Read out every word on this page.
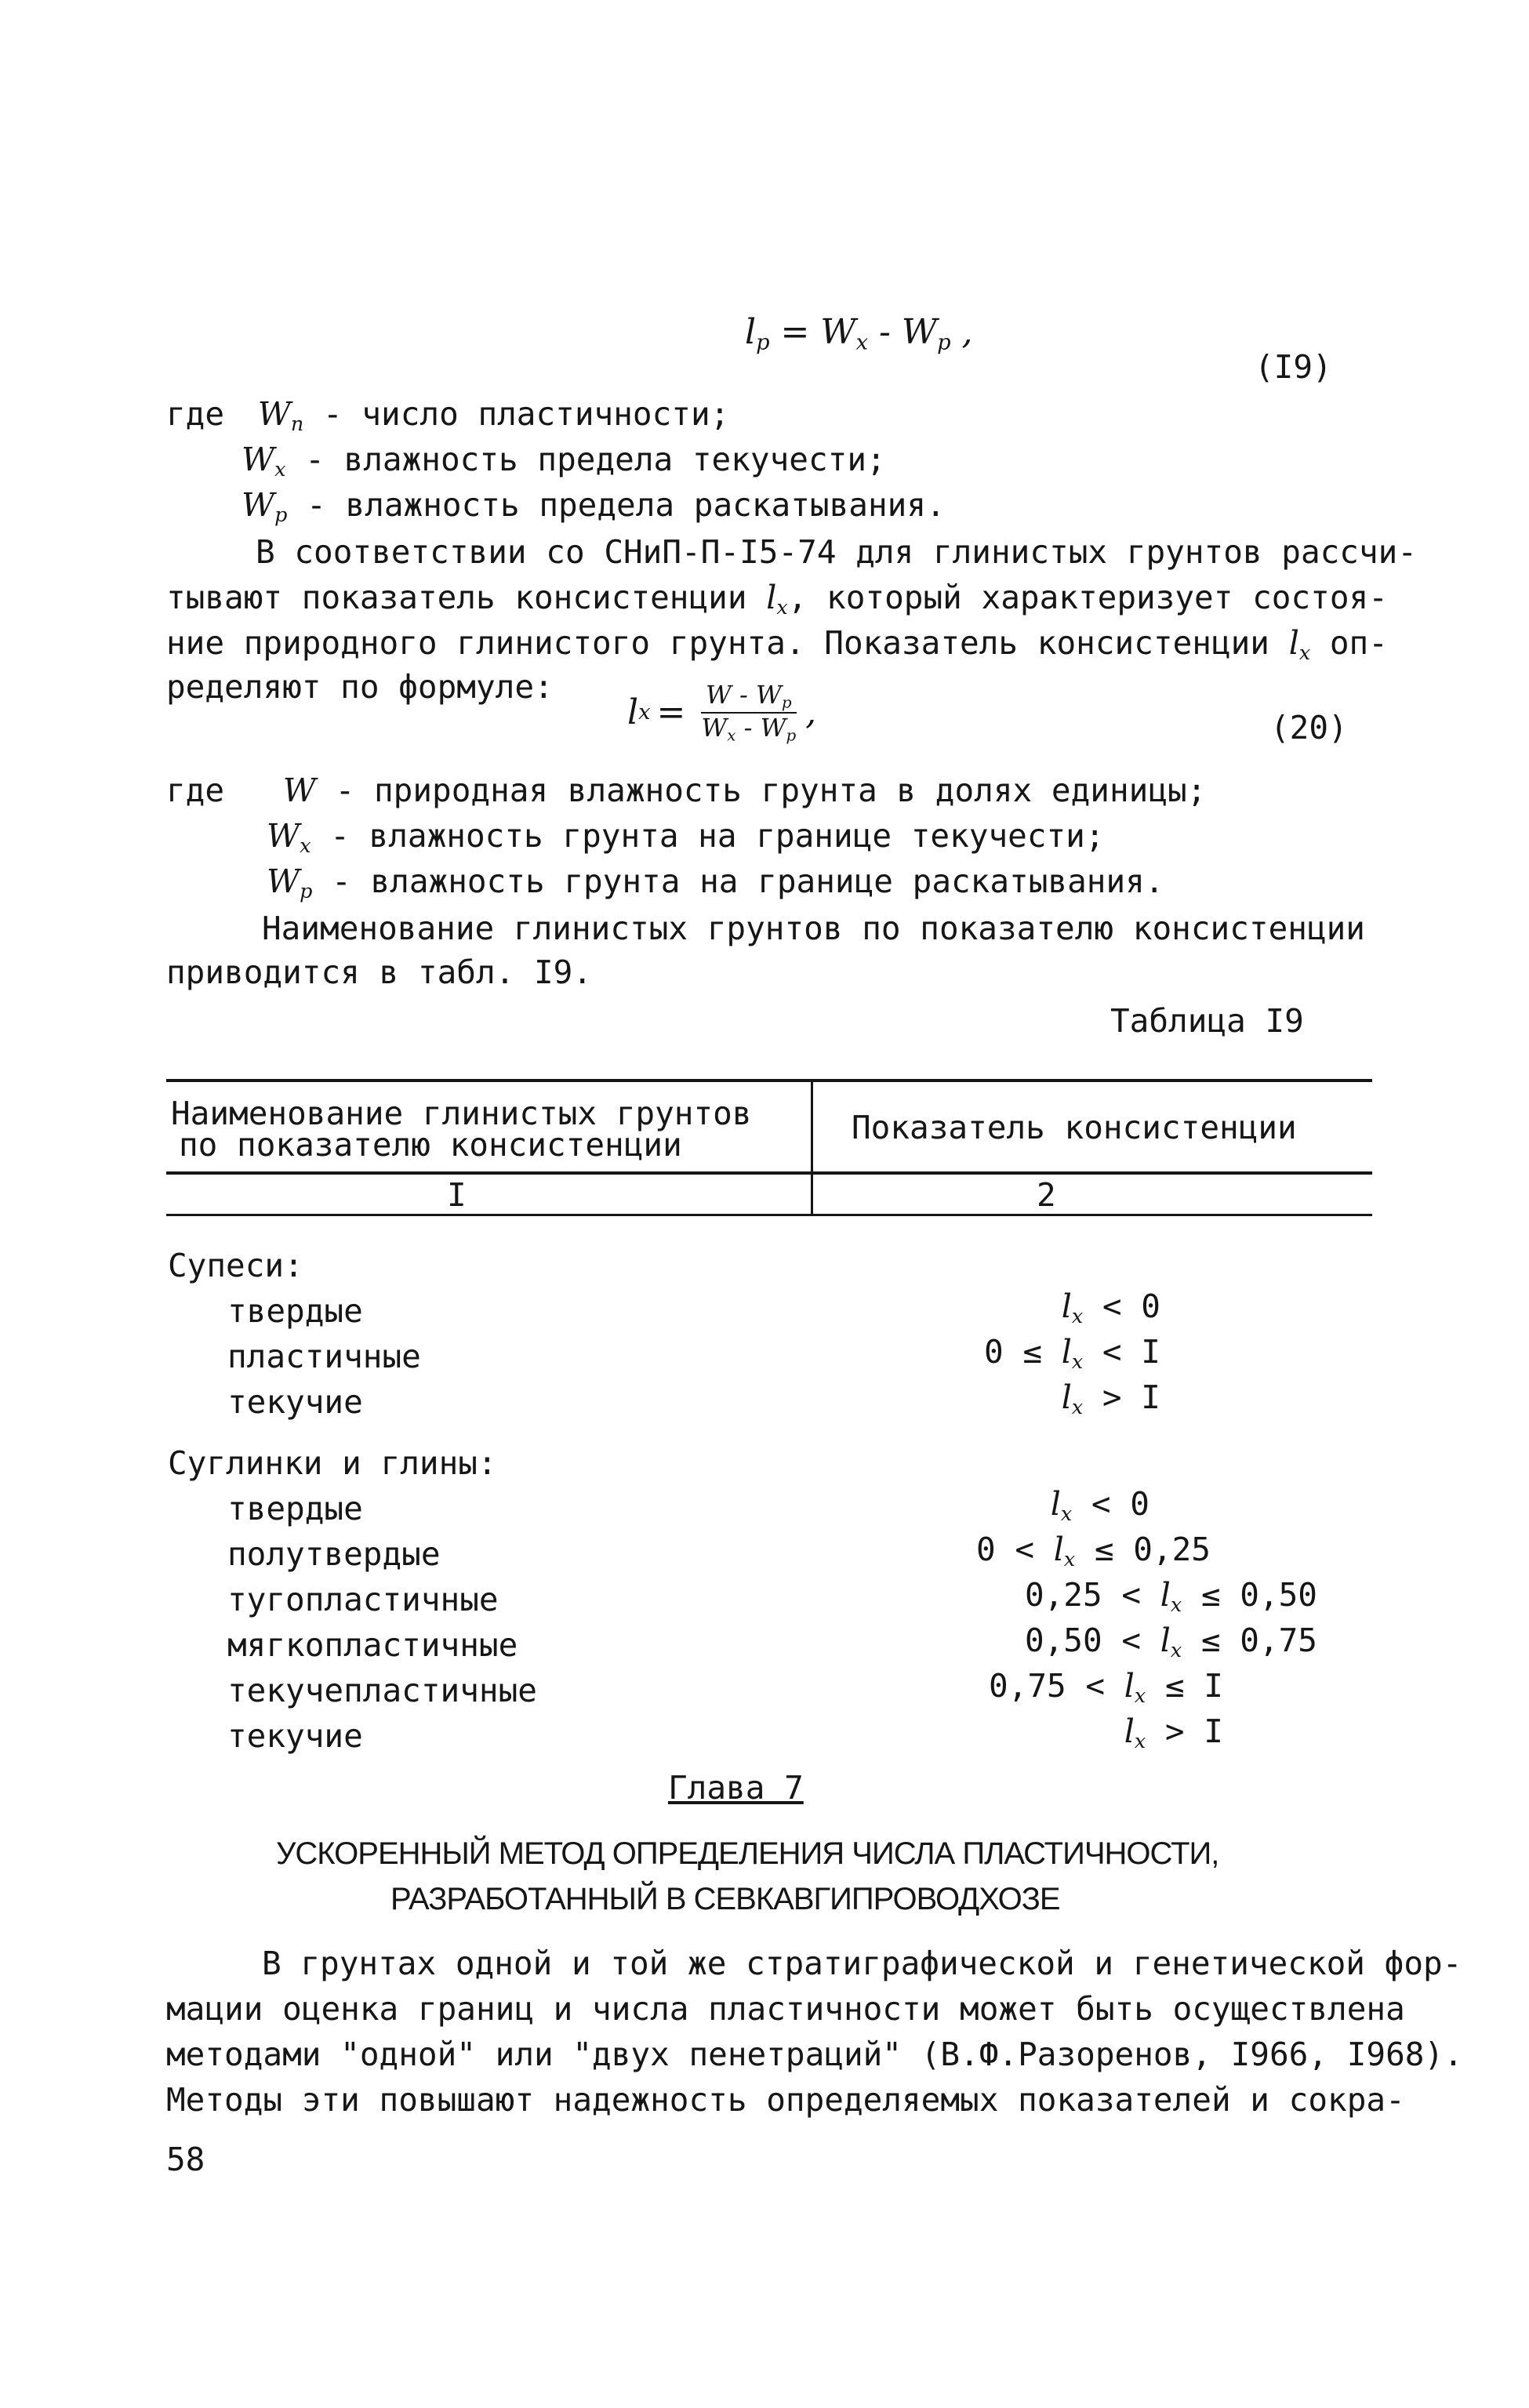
$l_p = W_x - W_p$ ,
(I9)
где $W_n$ - число пластичности;
$W_x$ - влажность предела текучести;
$W_p$ - влажность предела раскатывания.
В соответствии со СНиП-П-I5-74 для глинистых грунтов рассчи-
тывают показатель консистенции $l_x$, который характеризует состоя-
ние природного глинистого грунта. Показатель консистенции $l_x$ оп-
ределяют по формуле:
l $x = \frac{W - W_p}{W_x - W_p}$ ,	(20)
где W - природная влажность грунта в долях единицы;
$W_x$ - влажность грунта на границе текучести;
$W_p$ - влажность грунта на границе раскатывания.
Наименование глинистых грунтов по показателю консистенции
приводится в табл. I9.
Таблица I9
Наименование глинистых грунтов
по показателю консистенции	Показатель консистенции
I	2
Супеси:
твердые	$l_x < 0$
пластичные	$0 \le l_x < I$
текучие	$l_x > I$
Суглинки и глины:
твердые	$l_x < 0$
полутвердые	$0 < l_x \le 0,25$
тугопластичные	$0,25 < l_x \le 0,50$
мягкопластичные	$0,50 < l_x \le 0,75$
текучепластичные	$0,75 < l_x \le I$
текучие	$l_x > I$
Глава 7
УСКОРЕННЫЙ МЕТОД ОПРЕДЕЛЕНИЯ ЧИСЛА ПЛАСТИЧНОСТИ,
РАЗРАБОТАННЫЙ В СЕВКАВГИПРОВОДХОЗЕ
В грунтах одной и той же стратиграфической и генетической фор-
мации оценка границ и числа пластичности может быть осуществлена
методами "одной" или "двух пенетраций" (В.Ф.Разоренов, I966, I968).
Методы эти повышают надежность определяемых показателей и сокра-
58
